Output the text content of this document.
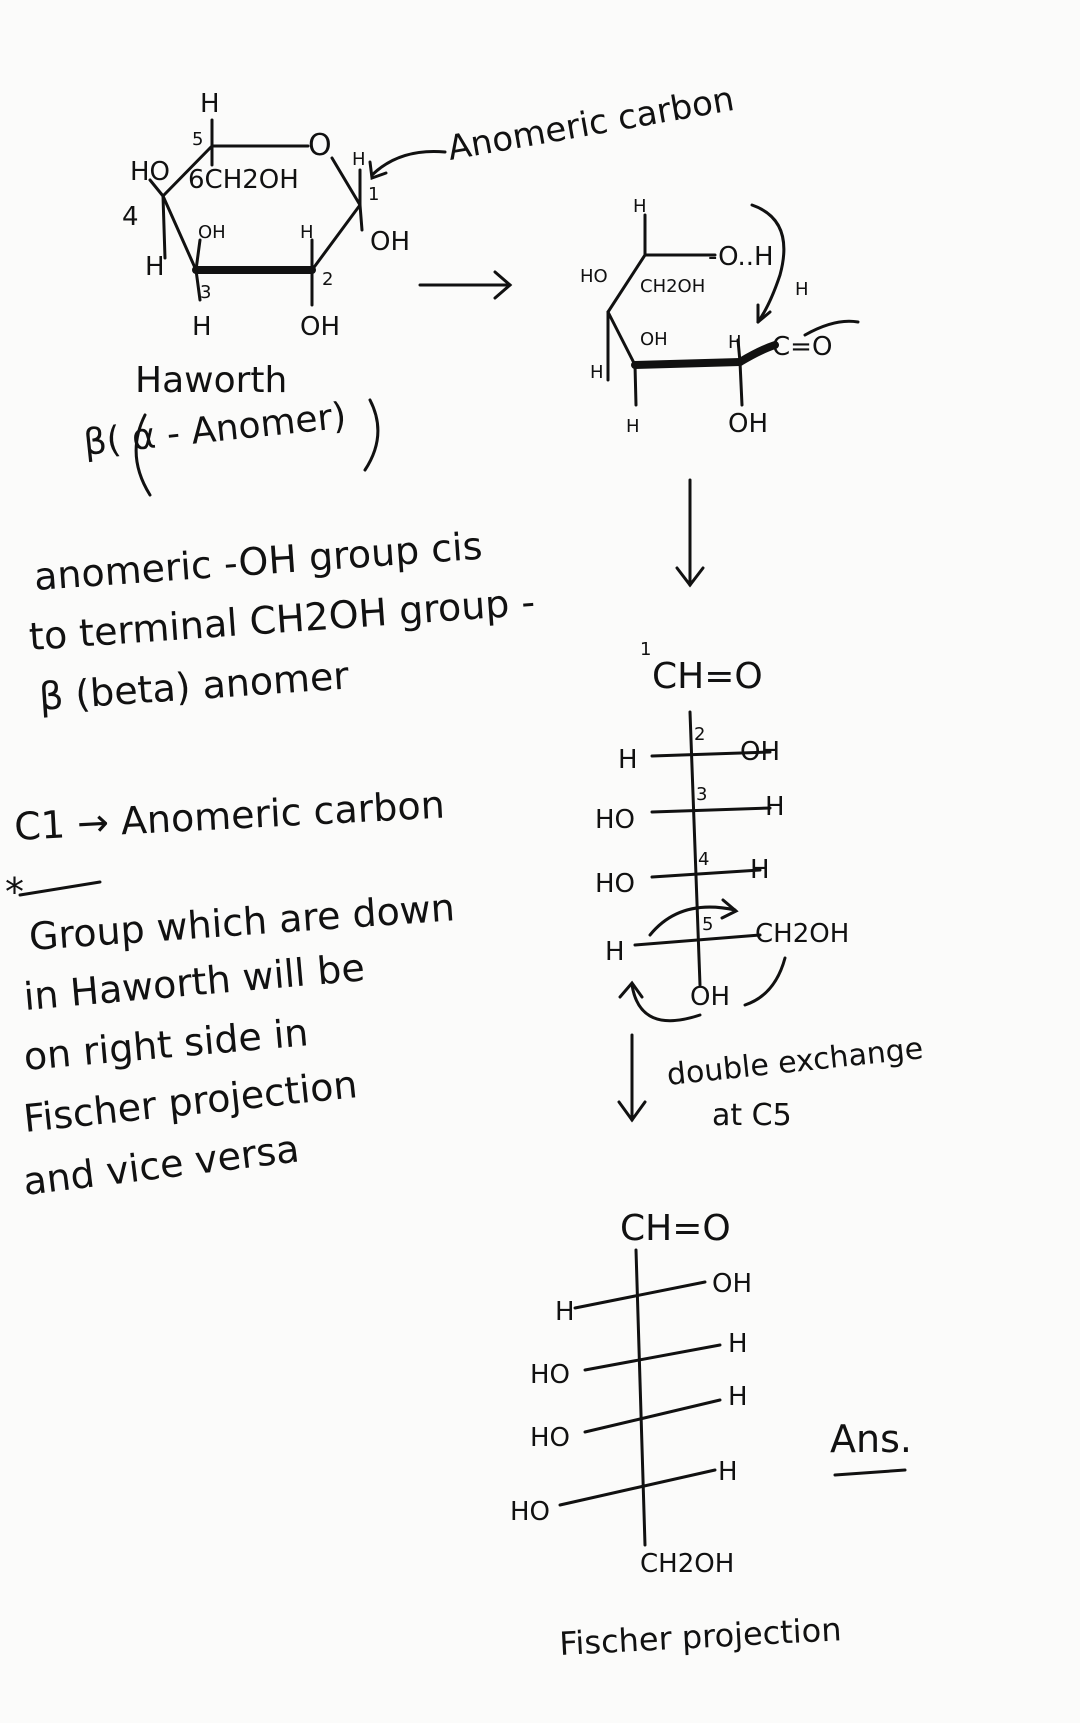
H
5	O
HO 6CH2OH
4
OH	H
H
1
OH
H	2
3
H	OH
Anomeric carbon
Haworth
β( α - Anomer)
H
-O..H
HO CH2OH	H
OH	H C=O
H
H	OH
anomeric -OH group cis
to terminal CH2OH group -
β (beta) anomer
C1 → Anomeric carbon
* Group which are down
in Haworth will be
on right side in
Fischer projection
and vice versa
1
CH=O
H
2
OH
HO
3 H
HO
4 H
H
5 CH2OH
OH
double exchange
at C5
CH=O
H
OH
HO
H
HO
H
HO
H
CH2OH
Ans.
Fischer projection
